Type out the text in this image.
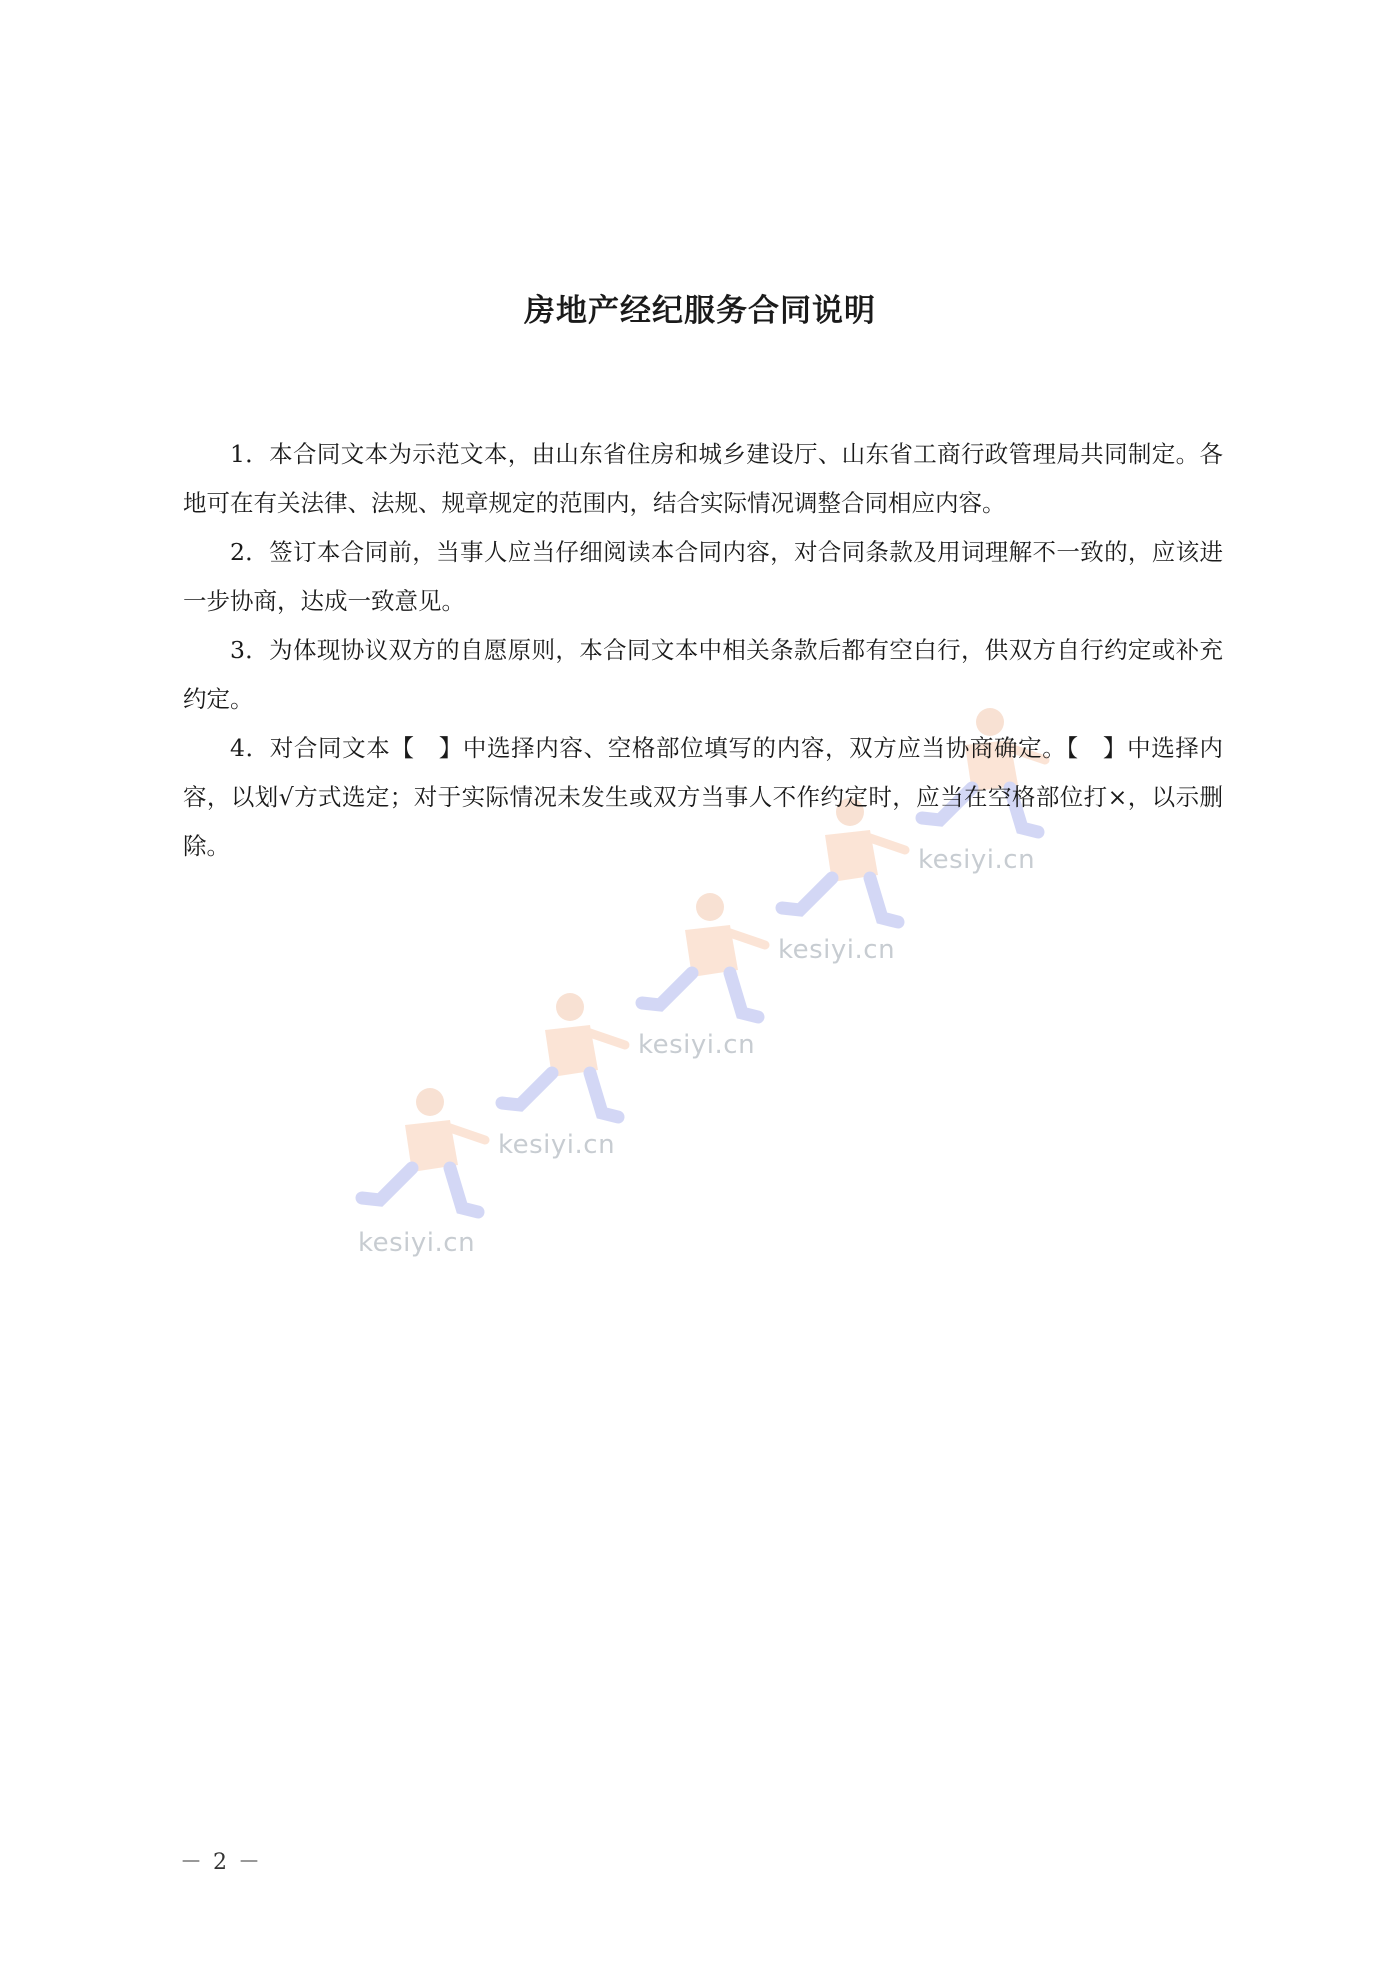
kesiyi.cn
kesiyi.cn
kesiyi.cn
kesiyi.cn
kesiyi.cn
房地产经纪服务合同说明

1．本合同文本为示范文本，由山东省住房和城乡建设厅、山东省工商行政管理局共同制定。各地可在有关法律、法规、规章规定的范围内，结合实际情况调整合同相应内容。

2．签订本合同前，当事人应当仔细阅读本合同内容，对合同条款及用词理解不一致的，应该进一步协商，达成一致意见。

3．为体现协议双方的自愿原则，本合同文本中相关条款后都有空白行，供双方自行约定或补充约定。

4．对合同文本【　】中选择内容、空格部位填写的内容，双方应当协商确定。【　】中选择内容，以划√方式选定；对于实际情况未发生或双方当事人不作约定时，应当在空格部位打×，以示删除。

－ 2 －
